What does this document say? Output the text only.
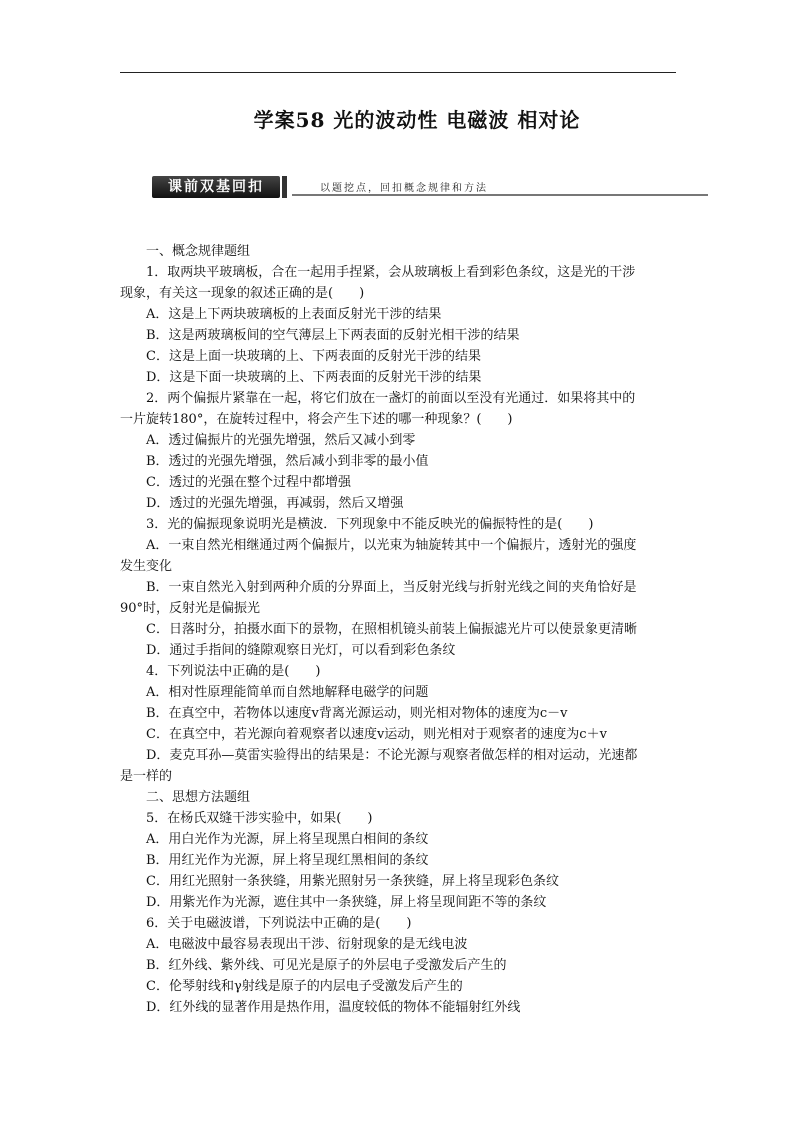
学案58 光的波动性 电磁波 相对论
课前双基回扣	以题挖点，回扣概念规律和方法
一、概念规律题组
1．取两块平玻璃板，合在一起用手捏紧，会从玻璃板上看到彩色条纹，这是光的干涉
现象，有关这一现象的叙述正确的是(　　)
A．这是上下两块玻璃板的上表面反射光干涉的结果
B．这是两玻璃板间的空气薄层上下两表面的反射光相干涉的结果
C．这是上面一块玻璃的上、下两表面的反射光干涉的结果
D．这是下面一块玻璃的上、下两表面的反射光干涉的结果
2．两个偏振片紧靠在一起，将它们放在一盏灯的前面以至没有光通过．如果将其中的
一片旋转180°，在旋转过程中，将会产生下述的哪一种现象？(　　)
A．透过偏振片的光强先增强，然后又减小到零
B．透过的光强先增强，然后减小到非零的最小值
C．透过的光强在整个过程中都增强
D．透过的光强先增强，再减弱，然后又增强
3．光的偏振现象说明光是横波．下列现象中不能反映光的偏振特性的是(　　)
A．一束自然光相继通过两个偏振片，以光束为轴旋转其中一个偏振片，透射光的强度
发生变化
B．一束自然光入射到两种介质的分界面上，当反射光线与折射光线之间的夹角恰好是
90°时，反射光是偏振光
C．日落时分，拍摄水面下的景物，在照相机镜头前装上偏振滤光片可以使景象更清晰
D．通过手指间的缝隙观察日光灯，可以看到彩色条纹
4．下列说法中正确的是(　　)
A．相对性原理能简单而自然地解释电磁学的问题
B．在真空中，若物体以速度v背离光源运动，则光相对物体的速度为c－v
C．在真空中，若光源向着观察者以速度v运动，则光相对于观察者的速度为c＋v
D．麦克耳孙—莫雷实验得出的结果是：不论光源与观察者做怎样的相对运动，光速都
是一样的
二、思想方法题组
5．在杨氏双缝干涉实验中，如果(　　)
A．用白光作为光源，屏上将呈现黑白相间的条纹
B．用红光作为光源，屏上将呈现红黑相间的条纹
C．用红光照射一条狭缝，用紫光照射另一条狭缝，屏上将呈现彩色条纹
D．用紫光作为光源，遮住其中一条狭缝，屏上将呈现间距不等的条纹
6．关于电磁波谱，下列说法中正确的是(　　)
A．电磁波中最容易表现出干涉、衍射现象的是无线电波
B．红外线、紫外线、可见光是原子的外层电子受激发后产生的
C．伦琴射线和γ射线是原子的内层电子受激发后产生的
D．红外线的显著作用是热作用，温度较低的物体不能辐射红外线
